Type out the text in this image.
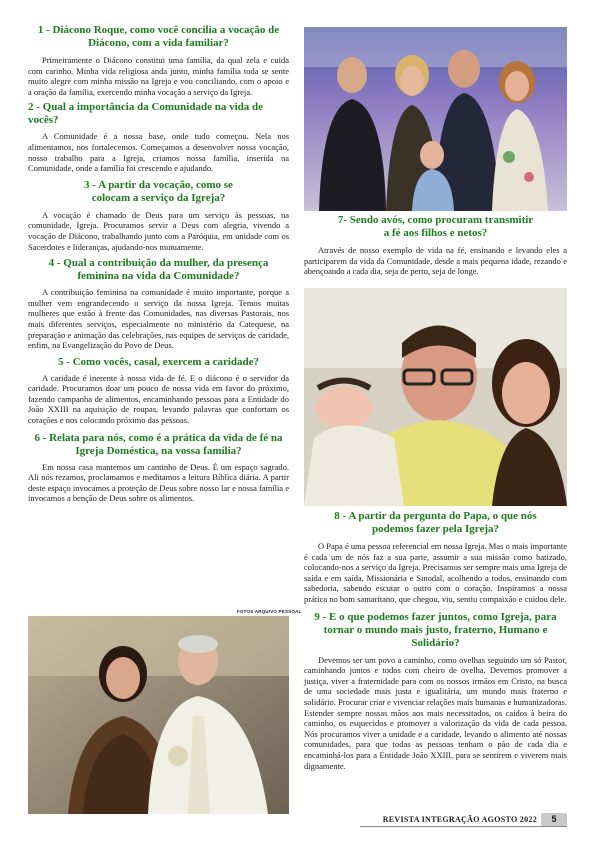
1 - Diácono Roque, como você concilia a vocação de Diácono, com a vida familiar?

Primeiramente o Diácono constitui uma família, da qual zela e cuida com carinho. Minha vida religiosa anda junto, minha família toda se sente muito alegre com minha missão na Igreja e vou conciliando, com o apoio e a oração da família, exercendo minha vocação a serviço da Igreja.

2 - Qual a importância da Comunidade na vida de vocês?

A Comunidade é a nossa base, onde tudo começou. Nela nos alimentamos, nos fortalecemos. Começamos a desenvolver nossa vocação, nosso trabalho para a Igreja, criamos nossa família, inserida na Comunidade, onde a família foi crescendo e ajudando.

3 - A partir da vocação, como se colocam a serviço da Igreja?

A vocação é chamado de Deus para um serviço às pessoas, na comunidade, Igreja. Procuramos servir a Deus com alegria, vivendo a vocação de Diácono, trabalhando junto com a Paróquia, em unidade com os Sacerdotes e lideranças, ajudando-nos mutuamente.

4 - Qual a contribuição da mulher, da presença feminina na vida da Comunidade?

A contribuição feminina na comunidade é muito importante, porque a mulher vem engrandecendo o serviço da nossa Igreja. Temos muitas mulheres que estão à frente das Comunidades, nas diversas Pastorais, nos mais diferentes serviços, especialmente no ministério da Catequese, na preparação e animação das celebrações, nas equipes de serviços de caridade, enfim, na Evangelização do Povo de Deus.

5 - Como vocês, casal, exercem a caridade?

A caridade é inerente à nossa vida de fé. E o diácono é o servidor da caridade. Procuramos doar um pouco de nossa vida em favor do próximo, fazendo campanha de alimentos, encaminhando pessoas para a Entidade do João XXIII na aquisição de roupas, levando palavras que confortam os corações e nos colocando próximo das pessoas.

6 - Relata para nós, como é a prática da vida de fé na Igreja Doméstica, na vossa família?

Em nossa casa mantemos um cantinho de Deus. É um espaço sagrado. Ali nós rezamos, proclamamos e meditamos a leitura Bíblica diária. A partir deste espaço invocamos a proteção de Deus sobre nosso lar e nossa família e invocamos a benção de Deus sobre os alimentos.

FOTOS ARQUIVO PESSOAL
7- Sendo avós, como procuram transmitir a fé aos filhos e netos?

Através de nosso exemplo de vida na fé, ensinando e levando eles a participarem da vida da Comunidade, desde a mais pequena idade, rezando e abençoando a cada dia, seja de perto, seja de longe.

8 - A partir da pergunta do Papa, o que nós podemos fazer pela Igreja?

O Papa é uma pessoa referencial em nossa Igreja. Mas o mais importante é cada um de nós faz a sua parte, assumir a sua missão como batizado, colocando-nos a serviço da Igreja. Precisamos ser sempre mais uma Igreja de saída e em saída, Missionária e Sinodal, acolhendo a todos, ensinando com sabedoria, sabendo escutar o outro com o coração. Inspiramos a nossa prática no bom samaritano, que chegou, viu, sentiu compaixão e cuidou dele.

9 - E o que podemos fazer juntos, como Igreja, para tornar o mundo mais justo, fraterno, Humano e Solidário?

Devemos ser um povo a caminho, como ovelhas seguindo um só Pastor, caminhando juntos e todos com cheiro de ovelha. Devemos promover a justiça, viver a fraternidade para com os nossos irmãos em Cristo, na busca de uma sociedade mais justa e igualitária, um mundo mais fraterno e solidário. Procurar criar e vivenciar relações mais humanas e humanizadoras. Estender sempre nossas mãos aos mais necessitados, os caídos à beira do caminho, os esquecidos e promover a valorização da vida de cada pessoa. Nós procuramos viver a unidade e a caridade, levando o alimento até nossas comunidades, para que todas as pessoas tenham o pão de cada dia e encaminhá-los para a Entidade João XXIII, para se sentirem e viverem mais dignamente.

REVISTA INTEGRAÇÃO AGOSTO 2022	5
